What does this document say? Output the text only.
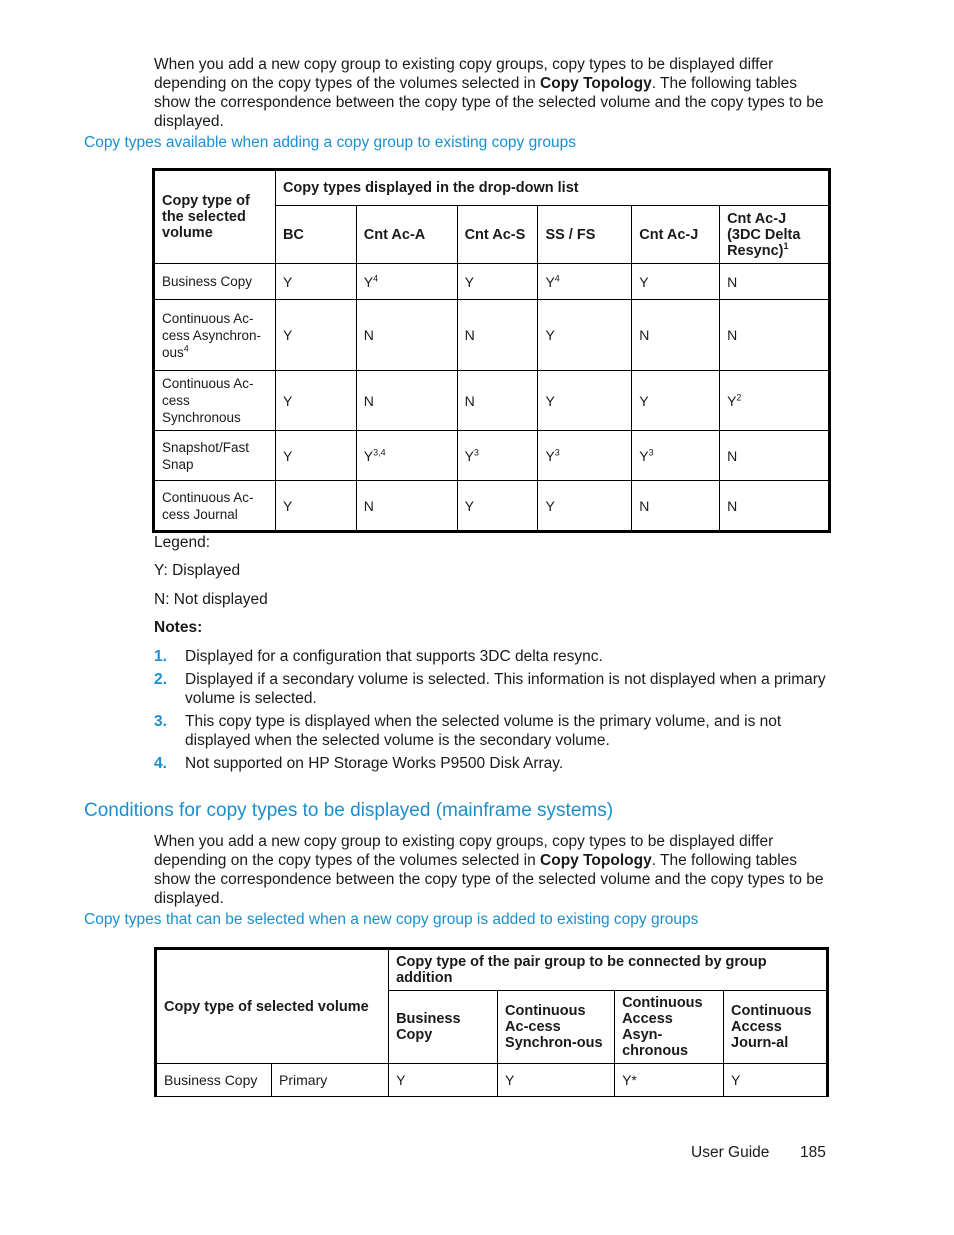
When you add a new copy group to existing copy groups, copy types to be displayed differ depending on the copy types of the volumes selected in Copy Topology. The following tables show the correspondence between the copy type of the selected volume and the copy types to be displayed.

Copy types available when adding a copy group to existing copy groups
Copy type of the selected volume	Copy types displayed in the drop-down list					
	BC	Cnt Ac-A	Cnt Ac-S	SS / FS	Cnt Ac-J	Cnt Ac-J (3DC Delta Resync)$^1$
Business Copy	Y	$Y^4$	Y	$Y^4$	Y	N
Continuous Ac-cess Asynchron-ous$^4$	Y	N	N	Y	N	N
Continuous Ac-cess Synchronous	Y	N	N	Y	Y	$Y^2$
Snapshot/Fast Snap	Y	Y$^{3,4}$	$Y^3$	$Y^3$	$Y^3$	N
Continuous Ac-cess Journal	Y	N	Y	Y	N	N
Legend:
Y: Displayed
N: Not displayed
Notes:
1. Displayed for a configuration that supports 3DC delta resync.
2. Displayed if a secondary volume is selected. This information is not displayed when a primary volume is selected.
3. This copy type is displayed when the selected volume is the primary volume, and is not displayed when the selected volume is the secondary volume.
4. Not supported on HP Storage Works P9500 Disk Array.
Conditions for copy types to be displayed (mainframe systems)

When you add a new copy group to existing copy groups, copy types to be displayed differ depending on the copy types of the volumes selected in Copy Topology. The following tables show the correspondence between the copy type of the selected volume and the copy types to be displayed.

Copy types that can be selected when a new copy group is added to existing copy groups
Copy type of selected volume		Copy type of the pair group to be connected by group addition			
		Business Copy	Continuous Ac-cess Synchron-ous	Continuous Access Asyn-chronous	Continuous Access Journ-al
Business Copy	Primary	Y	Y	Y*	Y
User Guide 185
